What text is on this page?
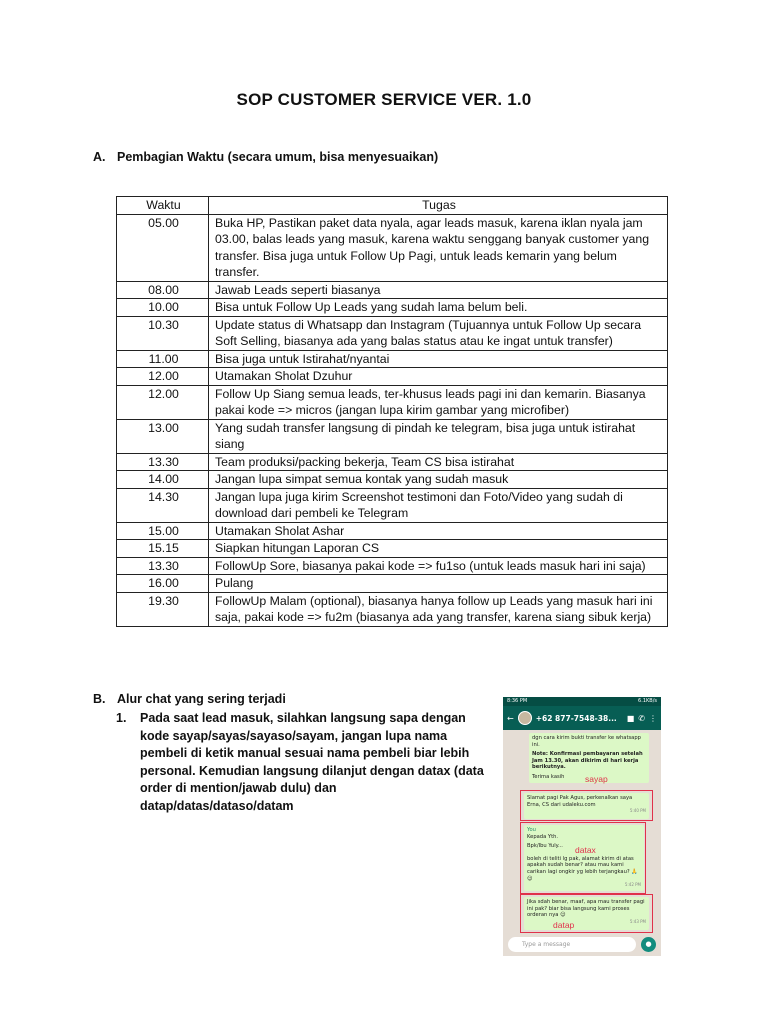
SOP CUSTOMER SERVICE VER. 1.0
A. Pembagian Waktu (secara umum, bisa menyesuaikan)
Waktu	Tugas
05.00	Buka HP, Pastikan paket data nyala, agar leads masuk, karena iklan nyala jam 03.00, balas leads yang masuk, karena waktu senggang banyak customer yang transfer. Bisa juga untuk Follow Up Pagi, untuk leads kemarin yang belum transfer.
08.00	Jawab Leads seperti biasanya
10.00	Bisa untuk Follow Up Leads yang sudah lama belum beli.
10.30	Update status di Whatsapp dan Instagram (Tujuannya untuk Follow Up secara Soft Selling, biasanya ada yang balas status atau ke ingat untuk transfer)
11.00	Bisa juga untuk Istirahat/nyantai
12.00	Utamakan Sholat Dzuhur
12.00	Follow Up Siang semua leads, ter-khusus leads pagi ini dan kemarin. Biasanya pakai kode => micros (jangan lupa kirim gambar yang microfiber)
13.00	Yang sudah transfer langsung di pindah ke telegram, bisa juga untuk istirahat siang
13.30	Team produksi/packing bekerja, Team CS bisa istirahat
14.00	Jangan lupa simpat semua kontak yang sudah masuk
14.30	Jangan lupa juga kirim Screenshot testimoni dan Foto/Video yang sudah di download dari pembeli ke Telegram
15.00	Utamakan Sholat Ashar
15.15	Siapkan hitungan Laporan CS
13.30	FollowUp Sore, biasanya pakai kode => fu1so (untuk leads masuk hari ini saja)
16.00	Pulang
19.30	FollowUp Malam (optional), biasanya hanya follow up Leads yang masuk hari ini saja, pakai kode => fu2m (biasanya ada yang transfer, karena siang sibuk kerja)
B. Alur chat yang sering terjadi
1. Pada saat lead masuk, silahkan langsung sapa dengan kode sayap/sayas/sayaso/sayam, jangan lupa nama pembeli di ketik manual sesuai nama pembeli biar lebih personal. Kemudian langsung dilanjut dengan datax (data order di mention/jawab dulu) dan datap/datas/dataso/datam
8:36 PM	6.1KB/s
←	+62 877-7548-38...	■ ✆ ⋮
dgn cara kirim bukti transfer ke whatsapp ini.
Note: Konfirmasi pembayaran setelah Jam 13.30, akan dikirim di hari kerja berikutnya.
Terima kasih	sayap
Slamat pagi Pak Agus, perkenalkan saya Erna, CS dari udaleku.com
5:40 PM
You
Kepada Yth.
Bpk/Ibu Yuly...
boleh di teliti lg pak, alamat kirim di atas apakah sudah benar? atau mau kami carikan lagi ongkir yg lebih terjangkau? 🙏😊
5:42 PM
datax
Jika sdah benar, maaf, apa mau transfer pagi ini pak? biar bisa langsung kami proses orderan nya 😊
5:43 PM
datap
Type a message	●
